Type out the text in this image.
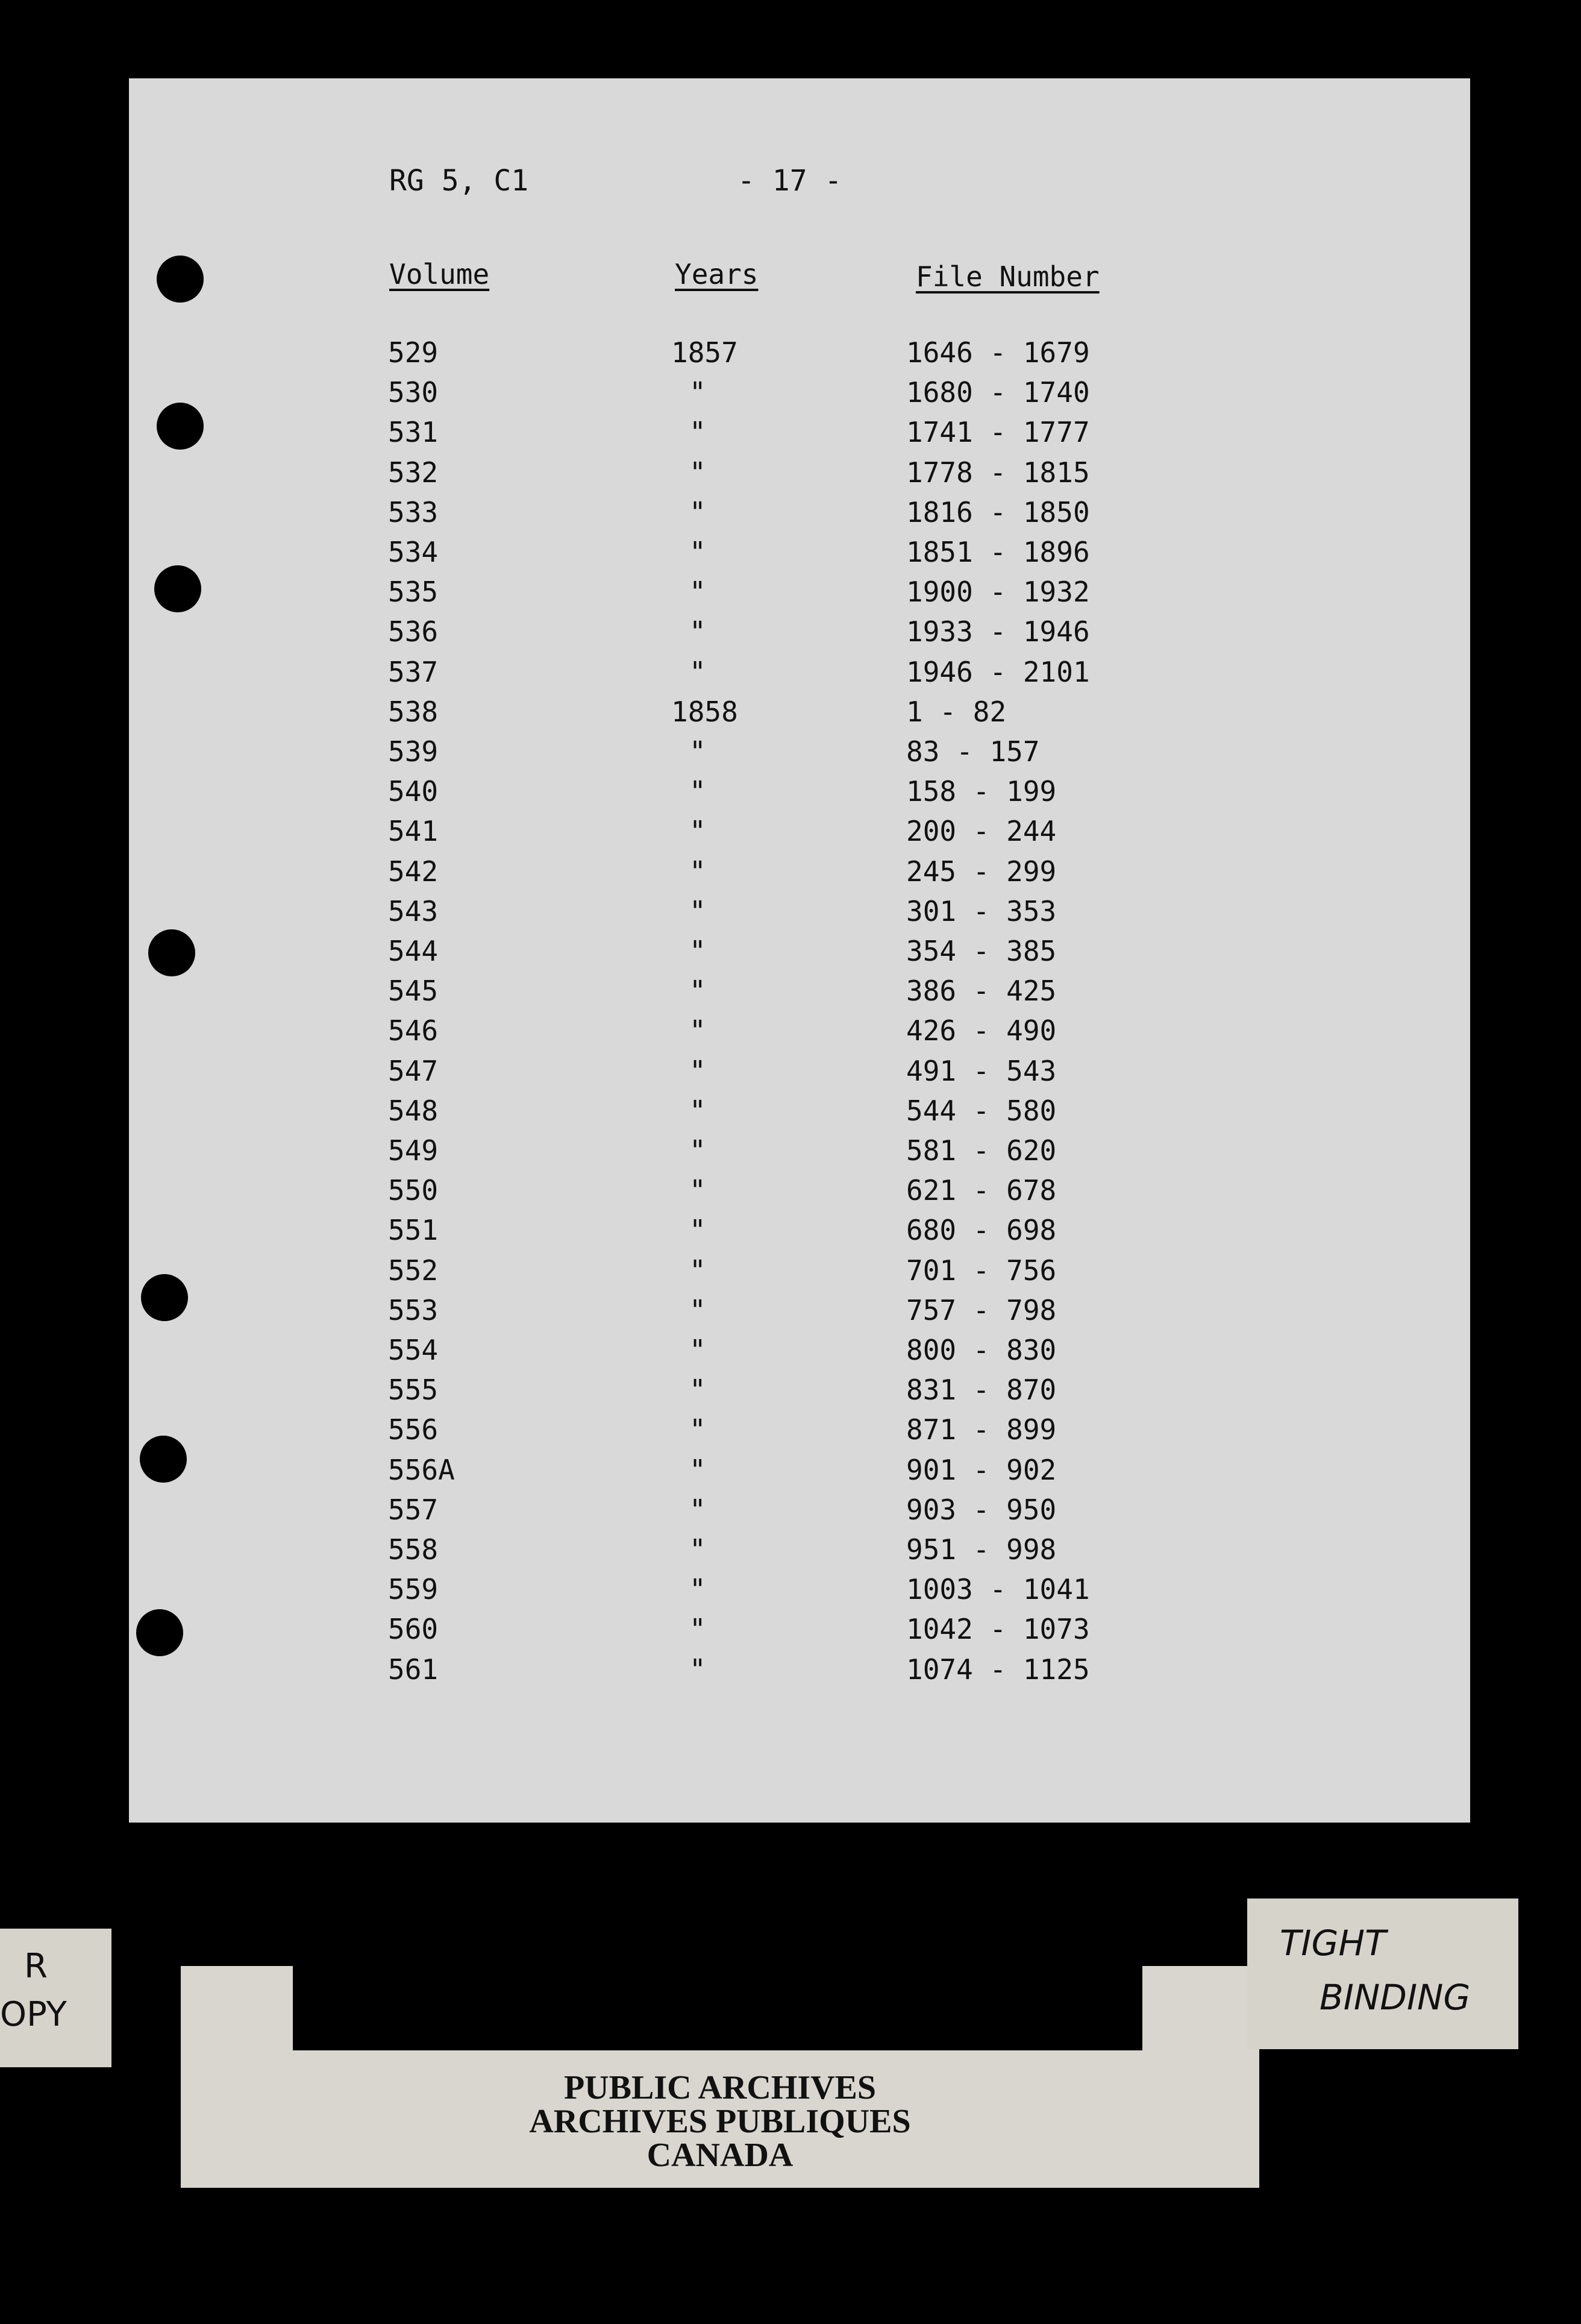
RG 5, C1	- 17 -
Volume	Years	File Number
529	1857	1646 - 1679
530	"	1680 - 1740
531	"	1741 - 1777
532	"	1778 - 1815
533	"	1816 - 1850
534	"	1851 - 1896
535	"	1900 - 1932
536	"	1933 - 1946
537	"	1946 - 2101
538	1858	1 - 82
539	"	83 - 157
540	"	158 - 199
541	"	200 - 244
542	"	245 - 299
543	"	301 - 353
544	"	354 - 385
545	"	386 - 425
546	"	426 - 490
547	"	491 - 543
548	"	544 - 580
549	"	581 - 620
550	"	621 - 678
551	"	680 - 698
552	"	701 - 756
553	"	757 - 798
554	"	800 - 830
555	"	831 - 870
556	"	871 - 899
556A	"	901 - 902
557	"	903 - 950
558	"	951 - 998
559	"	1003 - 1041
560	"	1042 - 1073
561	"	1074 - 1125
R
OPY
PUBLIC ARCHIVES
ARCHIVES PUBLIQUES
CANADA
TIGHT
BINDING
